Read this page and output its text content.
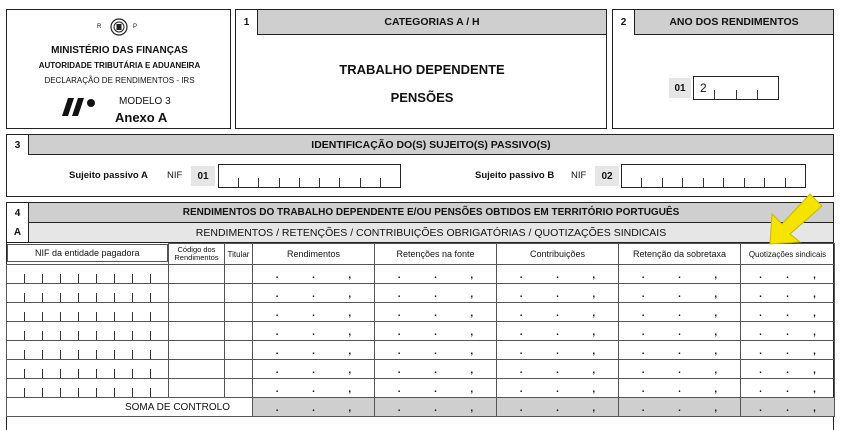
R	P
MINISTÉRIO DAS FINANÇAS
AUTORIDADE TRIBUTÁRIA E ADUANEIRA
DECLARAÇÃO DE RENDIMENTOS - IRS
MODELO 3
Anexo A
1	CATEGORIAS A / H
TRABALHO DEPENDENTE
PENSÕES
2	ANO DOS RENDIMENTOS
01	2
3	IDENTIFICAÇÃO DO(S) SUJEITO(S) PASSIVO(S)
Sujeito passivo A NIF	01	Sujeito passivo B NIF	02
4	RENDIMENTOS DO TRABALHO DEPENDENTE E/OU PENSÕES OBTIDOS EM TERRITÓRIO PORTUGUÊS
A	RENDIMENTOS / RETENÇÕES / CONTRIBUIÇÕES OBRIGATÓRIAS / QUOTIZAÇÕES SINDICAIS
NIF da entidade pagadora	Código dos Rendimentos	Titular	Rendimentos	Retenções na fonte	Contribuições	Retenção da sobretaxa	Quotizações sindicais

			. . ,	. . ,	. . ,	. . ,	. . ,

			. . ,	. . ,	. . ,	. . ,	. . ,

			. . ,	. . ,	. . ,	. . ,	. . ,

			. . ,	. . ,	. . ,	. . ,	. . ,

			. . ,	. . ,	. . ,	. . ,	. . ,

			. . ,	. . ,	. . ,	. . ,	. . ,

			. . ,	. . ,	. . ,	. . ,	. . ,

SOMA DE CONTROLO			. . ,	. . ,	. . ,	. . ,	. . ,
